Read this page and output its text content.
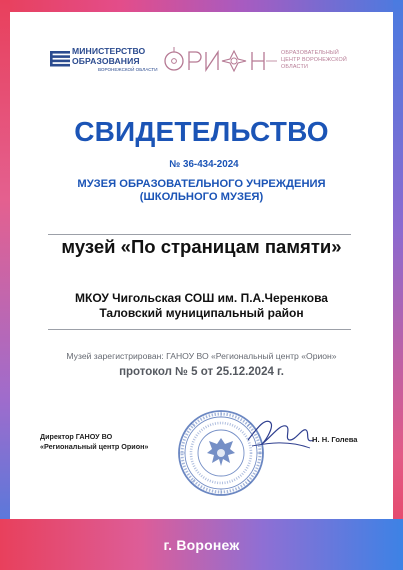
МИНИСТЕРСТВО
ОБРАЗОВАНИЯ
ВОРОНЕЖСКОЙ ОБЛАСТИ
ОБРАЗОВАТЕЛЬНЫЙ
ЦЕНТР ВОРОНЕЖСКОЙ
ОБЛАСТИ
СВИДЕТЕЛЬСТВО
№ 36-434-2024
МУЗЕЯ ОБРАЗОВАТЕЛЬНОГО УЧРЕЖДЕНИЯ
(ШКОЛЬНОГО МУЗЕЯ)
музей «По страницам памяти»
МКОУ Чигольская СОШ им. П.А.Черенкова
Таловский муниципальный район
Музей зарегистрирован: ГАНОУ ВО «Региональный центр «Орион»
протокол № 5 от 25.12.2024 г.
Директор ГАНОУ ВО
«Региональный центр Орион»
Н. Н. Голева
г. Воронеж
